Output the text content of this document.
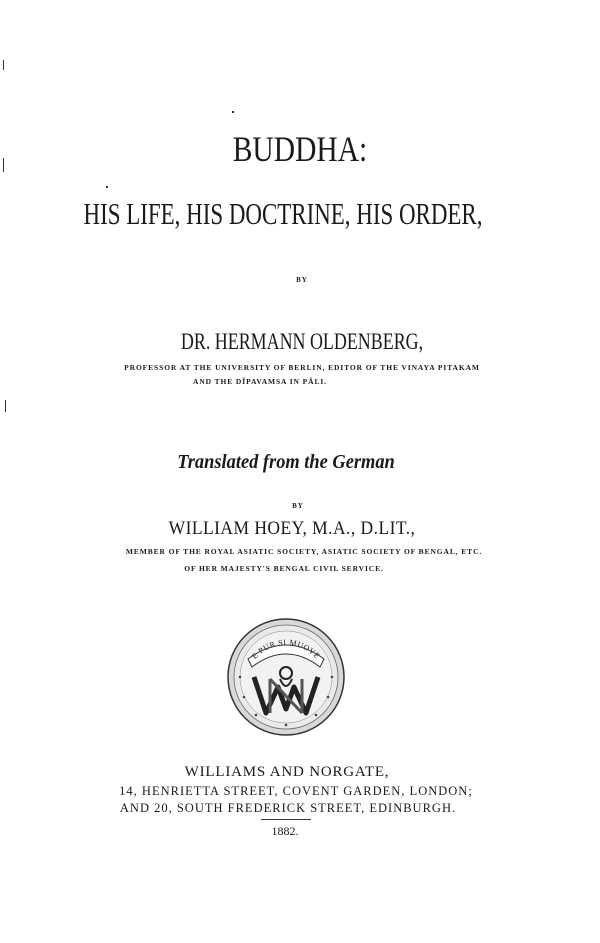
BUDDHA:
HIS LIFE, HIS DOCTRINE, HIS ORDER,
BY
DR. HERMANN OLDENBERG,
PROFESSOR AT THE UNIVERSITY OF BERLIN, EDITOR OF THE VINAYA PITAKAM
AND THE DÎPAVAMSA IN PÂLI.
Translated from the German
BY
WILLIAM HOEY, M.A., D.LIT.,
MEMBER OF THE ROYAL ASIATIC SOCIETY, ASIATIC SOCIETY OF BENGAL, ETC.
OF HER MAJESTY'S BENGAL CIVIL SERVICE.
E PUR SI MUOVE
WILLIAMS AND NORGATE,
14, HENRIETTA STREET, COVENT GARDEN, LONDON;
AND 20, SOUTH FREDERICK STREET, EDINBURGH.
1882.
